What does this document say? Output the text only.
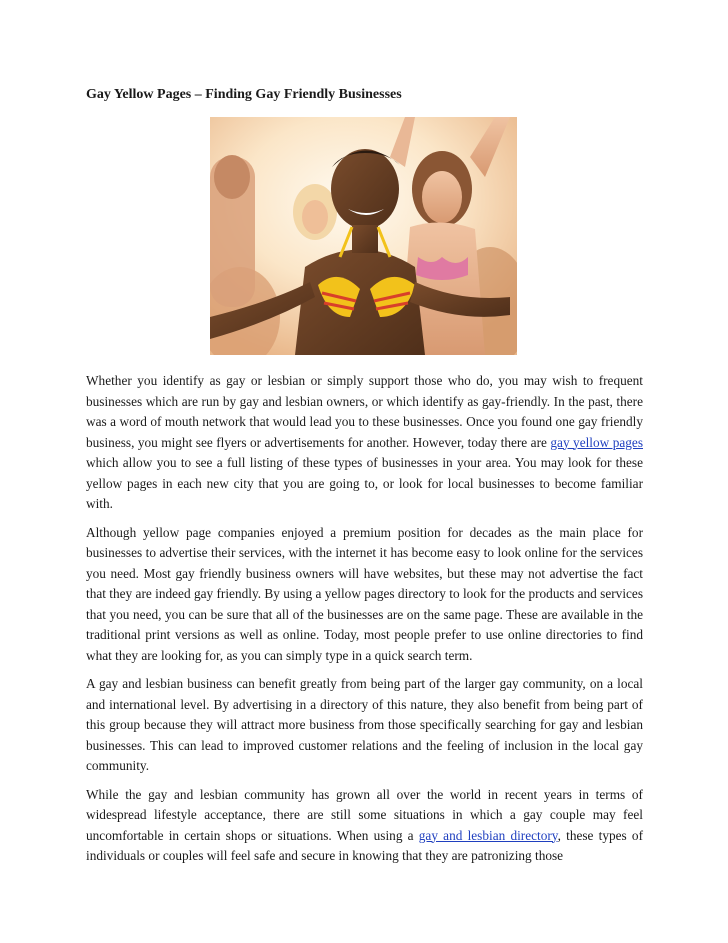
Gay Yellow Pages – Finding Gay Friendly Businesses

Whether you identify as gay or lesbian or simply support those who do, you may wish to frequent businesses which are run by gay and lesbian owners, or which identify as gay-friendly. In the past, there was a word of mouth network that would lead you to these businesses. Once you found one gay friendly business, you might see flyers or advertisements for another. However, today there are gay yellow pages which allow you to see a full listing of these types of businesses in your area. You may look for these yellow pages in each new city that you are going to, or look for local businesses to become familiar with.

Although yellow page companies enjoyed a premium position for decades as the main place for businesses to advertise their services, with the internet it has become easy to look online for the services you need. Most gay friendly business owners will have websites, but these may not advertise the fact that they are indeed gay friendly. By using a yellow pages directory to look for the products and services that you need, you can be sure that all of the businesses are on the same page. These are available in the traditional print versions as well as online. Today, most people prefer to use online directories to find what they are looking for, as you can simply type in a quick search term.

A gay and lesbian business can benefit greatly from being part of the larger gay community, on a local and international level. By advertising in a directory of this nature, they also benefit from being part of this group because they will attract more business from those specifically searching for gay and lesbian businesses. This can lead to improved customer relations and the feeling of inclusion in the local gay community.

While the gay and lesbian community has grown all over the world in recent years in terms of widespread lifestyle acceptance, there are still some situations in which a gay couple may feel uncomfortable in certain shops or situations. When using a gay and lesbian directory, these types of individuals or couples will feel safe and secure in knowing that they are patronizing those
